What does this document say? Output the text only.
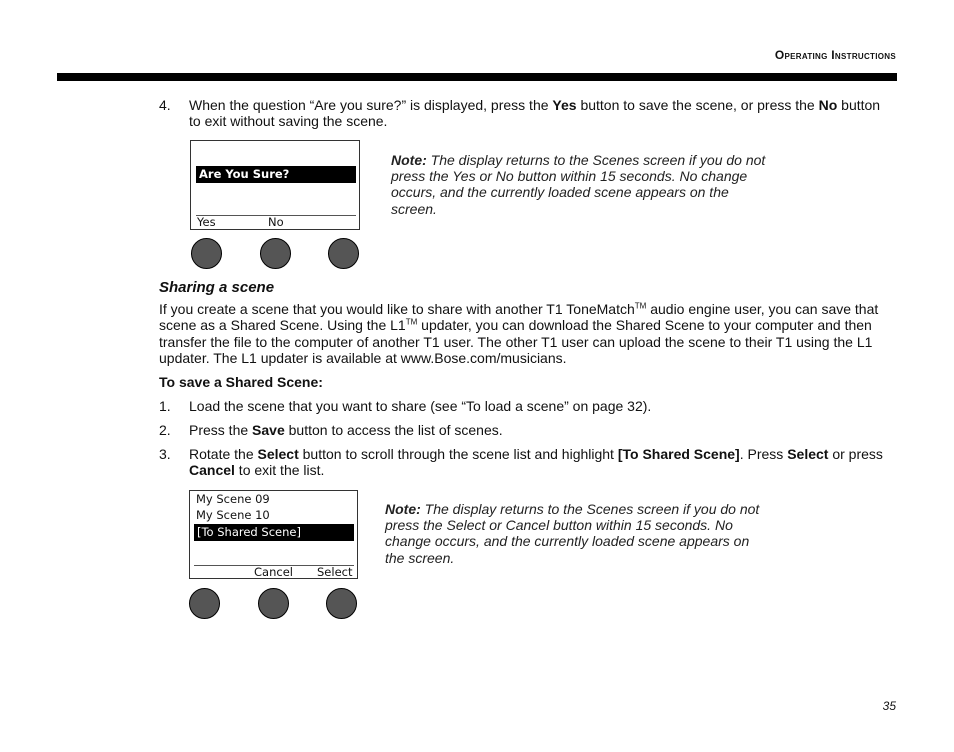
Operating Instructions
4. When the question “Are you sure?” is displayed, press the Yes button to save the scene, or press the No button to exit without saving the scene.
Are You Sure?
Yes	No
Note: The display returns to the Scenes screen if you do not press the Yes or No button within 15 seconds. No change occurs, and the currently loaded scene appears on the screen.
Sharing a scene
If you create a scene that you would like to share with another T1 ToneMatch™ audio engine user, you can save that scene as a Shared Scene. Using the L1™ updater, you can download the Shared Scene to your computer and then transfer the file to the computer of another T1 user. The other T1 user can upload the scene to their T1 using the L1 updater. The L1 updater is available at www.Bose.com/musicians.
To save a Shared Scene:
1. Load the scene that you want to share (see “To load a scene” on page 32).
2. Press the Save button to access the list of scenes.
3. Rotate the Select button to scroll through the scene list and highlight [To Shared Scene]. Press Select or press Cancel to exit the list.
My Scene 09
My Scene 10
[To Shared Scene]
Cancel Select
Note: The display returns to the Scenes screen if you do not press the Select or Cancel button within 15 seconds. No change occurs, and the currently loaded scene appears on the screen.
35
